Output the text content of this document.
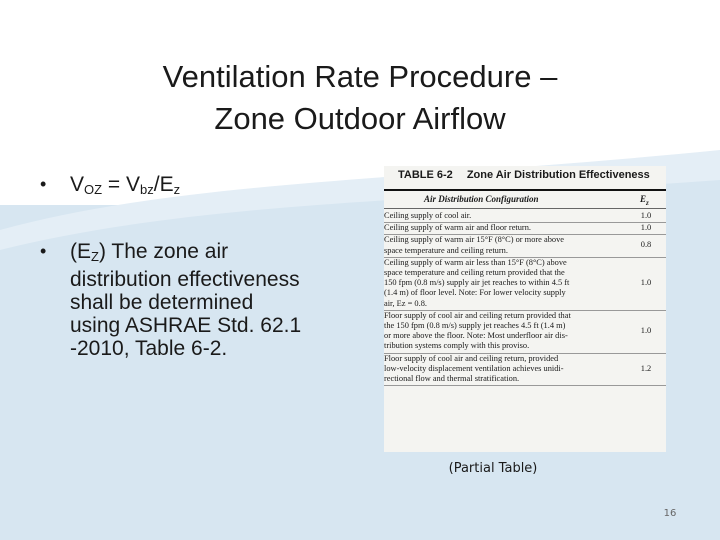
Ventilation Rate Procedure –
Zone Outdoor Airflow
• $V_{OZ} = V_{bz}/E_z$
• $(E_Z)$ The zone air
distribution effectiveness
shall be determined
using ASHRAE Std. 62.1
-2010, Table 6-2.
TABLE 6-2 Zone Air Distribution Effectiveness
Air Distribution Configuration	$E_z$
Ceiling supply of cool air.	1.0
Ceiling supply of warm air and floor return.	1.0
Ceiling supply of warm air 15°F (8°C) or more above
space temperature and ceiling return.
0.8
Ceiling supply of warm air less than 15°F (8°C) above
space temperature and ceiling return provided that the
150 fpm (0.8 m/s) supply air jet reaches to within 4.5 ft
(1.4 m) of floor level. Note: For lower velocity supply
air, Ez = 0.8.
1.0
Floor supply of cool air and ceiling return provided that
the 150 fpm (0.8 m/s) supply jet reaches 4.5 ft (1.4 m)
or more above the floor. Note: Most underfloor air dis-
tribution systems comply with this proviso.
1.0
Floor supply of cool air and ceiling return, provided
low-velocity displacement ventilation achieves unidi-
rectional flow and thermal stratification.
1.2
(Partial Table)
16
